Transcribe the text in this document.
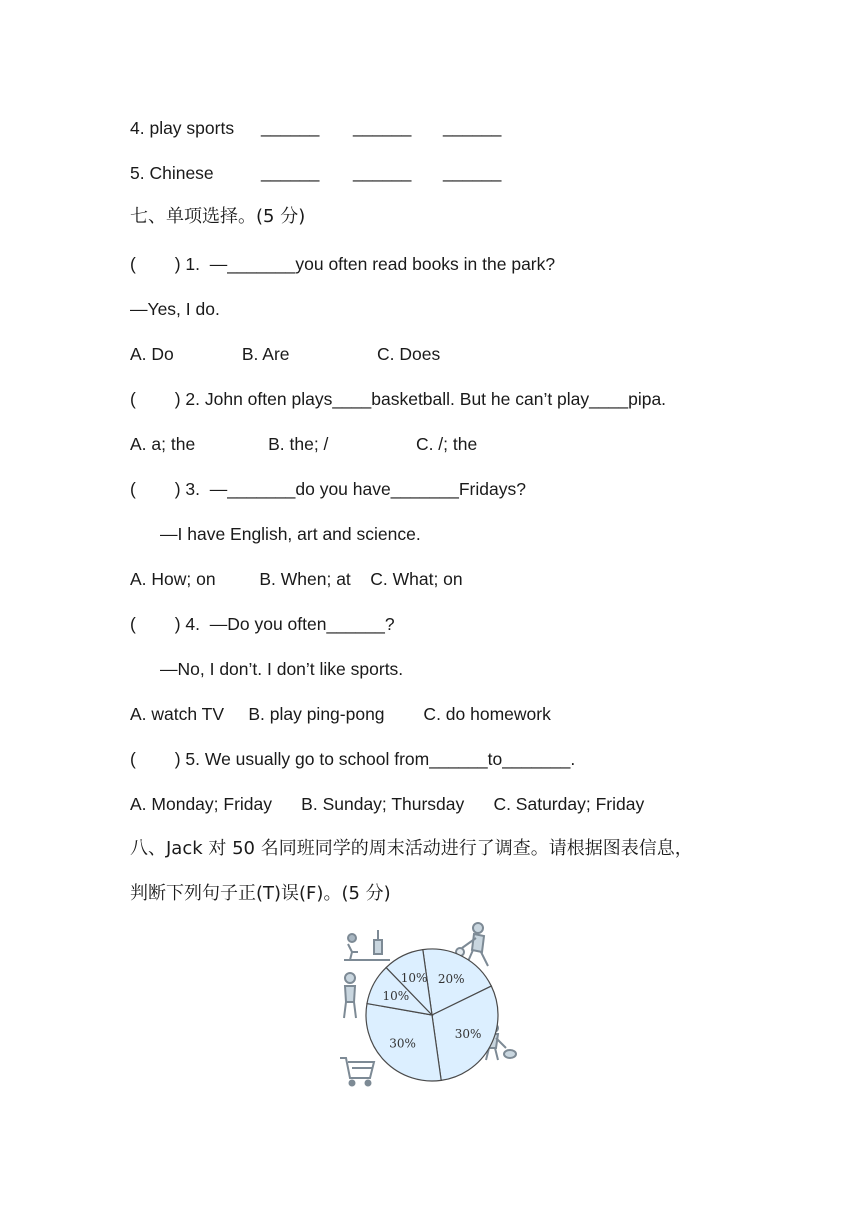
4. play sports ______ ______ ______
5. Chinese	______ ______ ______
七、单项选择。(5 分)
(        ) 1.  —_______you often read books in the park?
—Yes, I do.
A. Do              B. Are                  C. Does
(        ) 2. John often plays____basketball. But he can’t play____pipa.
A. a; the               B. the; /                  C. /; the
(        ) 3.  —_______do you have_______Fridays?
—I have English, art and science.
A. How; on         B. When; at    C. What; on
(        ) 4.  —Do you often______?
—No, I don’t. I don’t like sports.
A. watch TV     B. play ping-pong        C. do homework
(        ) 5. We usually go to school from______to_______.
A. Monday; Friday      B. Sunday; Thursday      C. Saturday; Friday
八、Jack 对 50 名同班同学的周末活动进行了调查。请根据图表信息，
判断下列句子正(T)误(F)。(5 分)
20%
30%
30%
10%
10%
